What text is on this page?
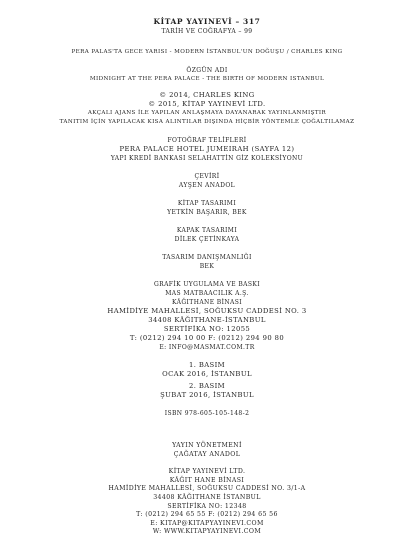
KİTAP YAYINEVİ – 317
TARİH VE COĞRAFYA – 99
PERA PALAS'TA GECE YARISI - MODERN İSTANBUL'UN DOĞUŞU / CHARLES KING
ÖZGÜN ADI
MIDNIGHT AT THE PERA PALACE - THE BIRTH OF MODERN ISTANBUL
© 2014, CHARLES KING
© 2015, KİTAP YAYINEVİ LTD.
AKÇALI AJANS İLE YAPILAN ANLAŞMAYA DAYANARAK YAYINLANMIŞTIR
TANITIM İÇİN YAPILACAK KISA ALINTILAR DIŞINDA HİÇBİR YÖNTEMLE ÇOĞALTILAMAZ
FOTOĞRAF TELİFLERİ
PERA PALACE HOTEL JUMEIRAH (SAYFA 12)
YAPI KREDİ BANKASI SELAHATTİN GİZ KOLEKSİYONU
ÇEVİRİ
AYŞEN ANADOL
KİTAP TASARIMI
YETKİN BAŞARIR, BEK
KAPAK TASARIMI
DİLEK ÇETİNKAYA
TASARIM DANIŞMANLIĞI
BEK
GRAFİK UYGULAMA VE BASKI
MAS MATBAACILIK A.Ş.
KÂĞITHANE BİNASI
HAMİDİYE MAHALLESİ, SOĞUKSU CADDESİ NO. 3
34408 KÂĞITHANE-İSTANBUL
SERTİFİKA NO: 12055
T: (0212) 294 10 00 F: (0212) 294 90 80
E: INFO@MASMAT.COM.TR
1. BASIM
OCAK 2016, İSTANBUL
2. BASIM
ŞUBAT 2016, İSTANBUL
ISBN 978-605-105-148-2
YAYIN YÖNETMENİ
ÇAĞATAY ANADOL
KİTAP YAYINEVİ LTD.
KÂĞIT HANE BİNASI
HAMİDİYE MAHALLESİ, SOĞUKSU CADDESİ NO. 3/1-A
34408 KÂĞITHANE İSTANBUL
SERTİFİKA NO: 12348
T: (0212) 294 65 55 F: (0212) 294 65 56
E: KITAP@KITAPYAYINEVI.COM
W: WWW.KITAPYAYINEVI.COM
